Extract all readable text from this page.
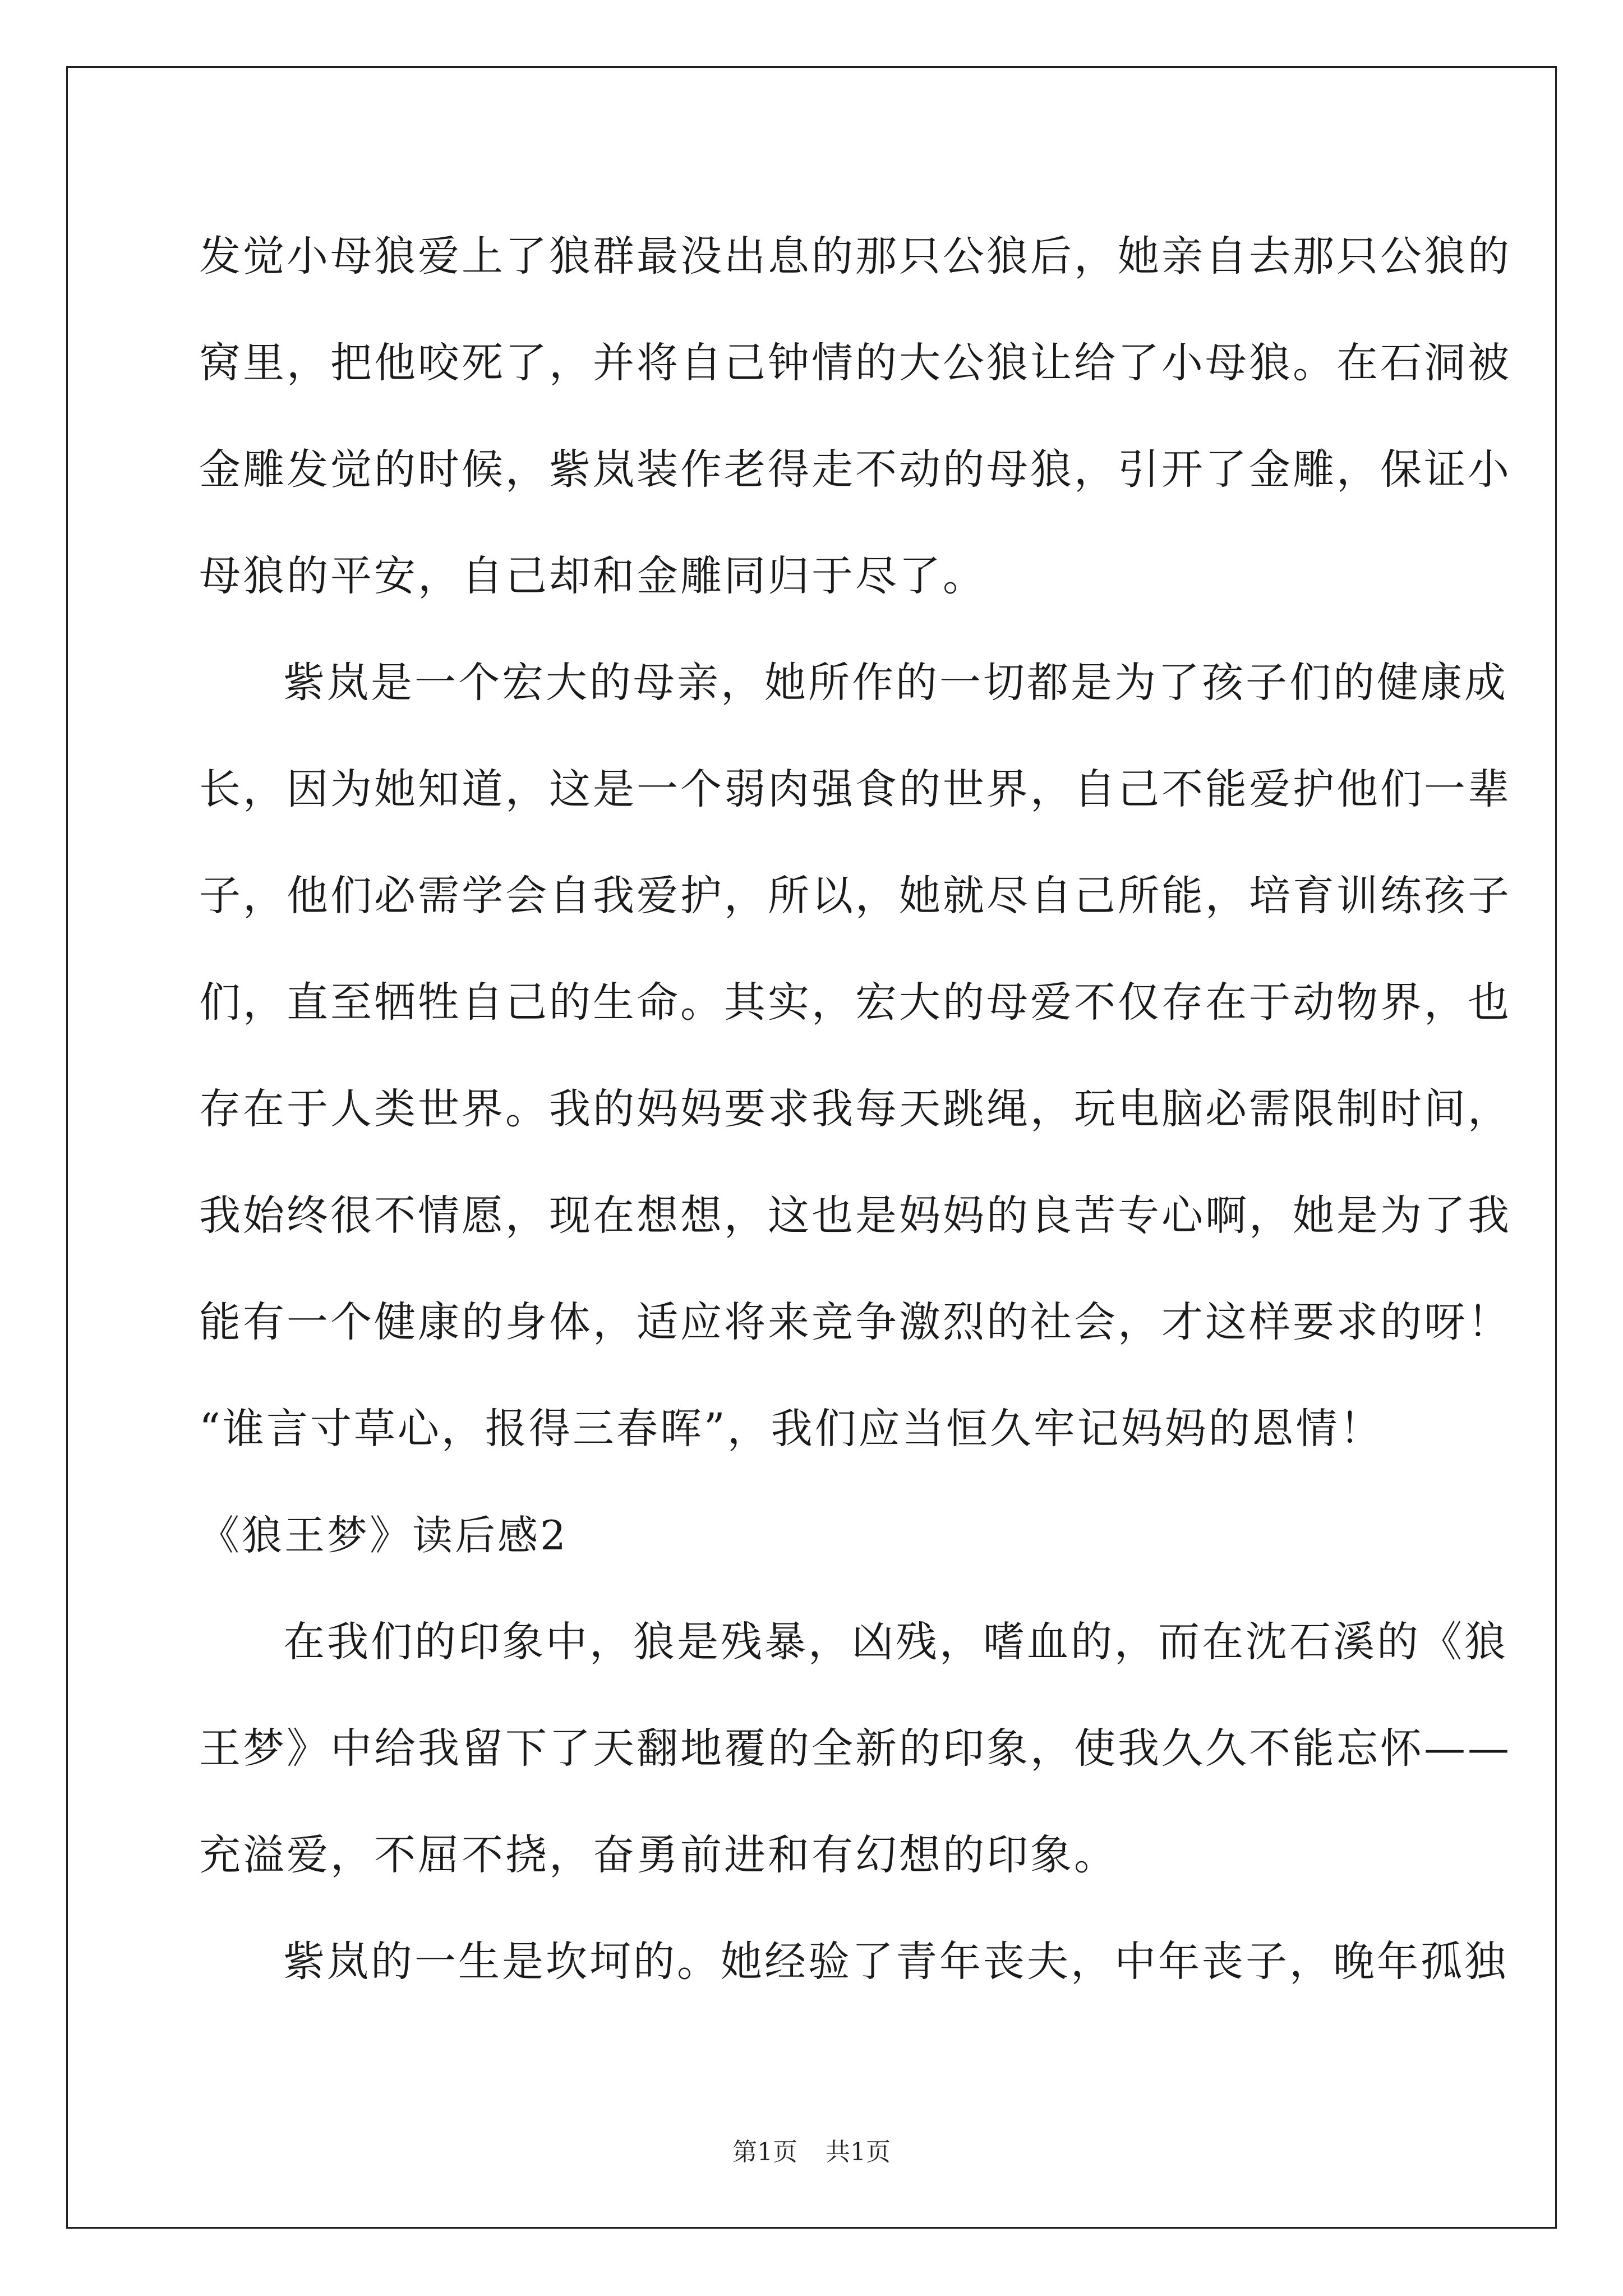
发觉小母狼爱上了狼群最没出息的那只公狼后，她亲自去那只公狼的
窝里，把他咬死了，并将自己钟情的大公狼让给了小母狼。在石洞被
金雕发觉的时候，紫岚装作老得走不动的母狼，引开了金雕，保证小
母狼的平安，自己却和金雕同归于尽了。
紫岚是一个宏大的母亲，她所作的一切都是为了孩子们的健康成
长，因为她知道，这是一个弱肉强食的世界，自己不能爱护他们一辈
子，他们必需学会自我爱护，所以，她就尽自己所能，培育训练孩子
们，直至牺牲自己的生命。其实，宏大的母爱不仅存在于动物界，也
存在于人类世界。我的妈妈要求我每天跳绳，玩电脑必需限制时间，
我始终很不情愿，现在想想，这也是妈妈的良苦专心啊，她是为了我
能有一个健康的身体，适应将来竞争激烈的社会，才这样要求的呀！
“谁言寸草心，报得三春晖”，我们应当恒久牢记妈妈的恩情！
《狼王梦》读后感2
在我们的印象中，狼是残暴，凶残，嗜血的，而在沈石溪的《狼
王梦》中给我留下了天翻地覆的全新的印象，使我久久不能忘怀——
充溢爱，不屈不挠，奋勇前进和有幻想的印象。
紫岚的一生是坎坷的。她经验了青年丧夫，中年丧子，晚年孤独
第1页 共1页
